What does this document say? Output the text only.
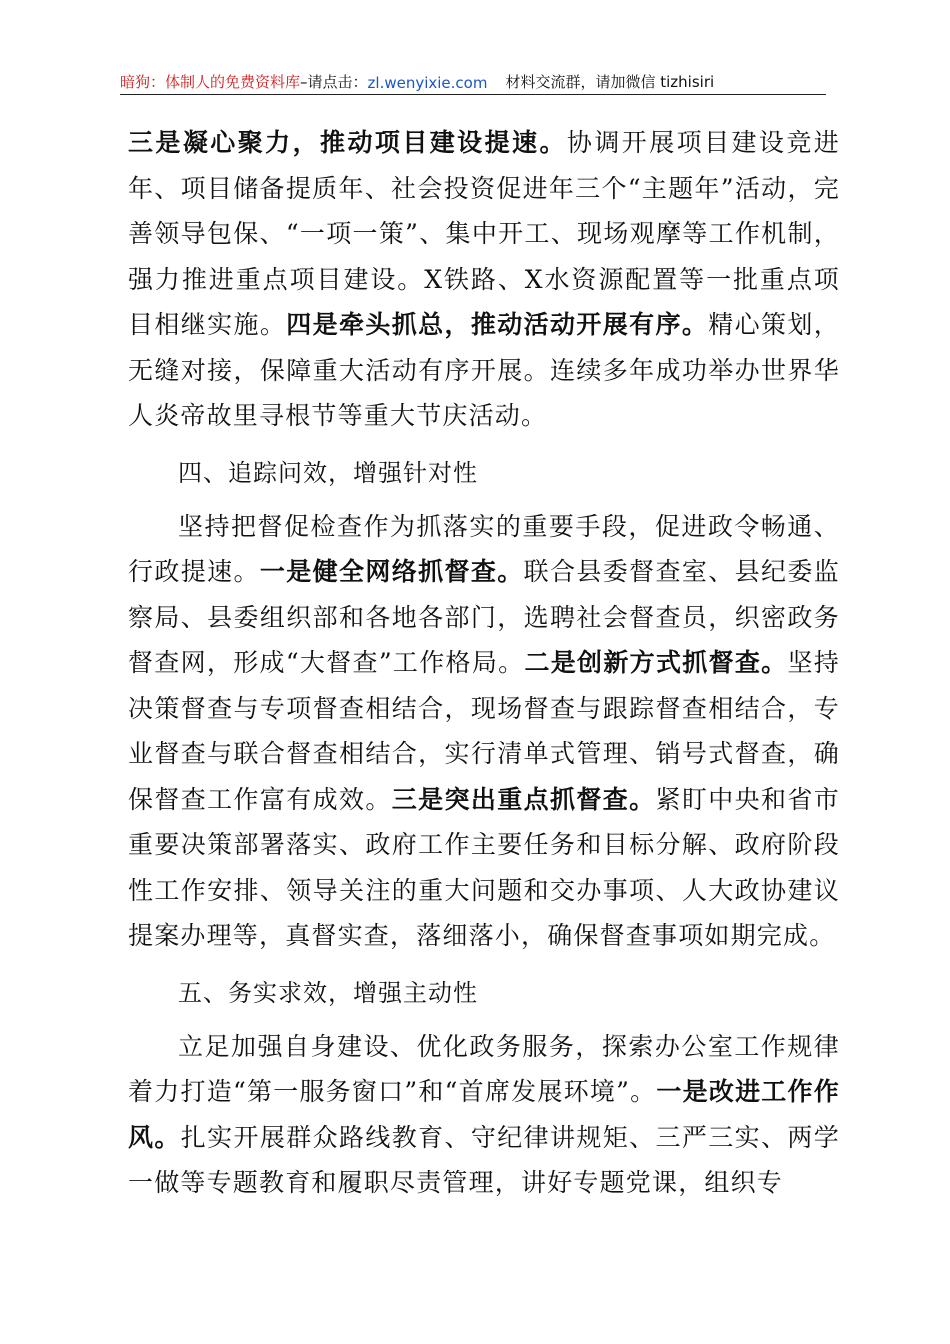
暗狗：体制人的免费资料库 –请点击： zl.wenyixie.com 材料交流群，请加微信 tizhisiri

三是凝心聚力，推动项目建设提速。协调开展项目建设竞进年、项目储备提质年、社会投资促进年三个“主题年”活动，完善领导包保、“一项一策”、集中开工、现场观摩等工作机制，强力推进重点项目建设。X铁路、X水资源配置等一批重点项目相继实施。四是牵头抓总，推动活动开展有序。精心策划，无缝对接，保障重大活动有序开展。连续多年成功举办世界华人炎帝故里寻根节等重大节庆活动。

四、追踪问效，增强针对性

坚持把督促检查作为抓落实的重要手段，促进政令畅通、行政提速。一是健全网络抓督查。联合县委督查室、县纪委监察局、县委组织部和各地各部门，选聘社会督查员，织密政务督查网，形成“大督查”工作格局。二是创新方式抓督查。坚持决策督查与专项督查相结合，现场督查与跟踪督查相结合，专业督查与联合督查相结合，实行清单式管理、销号式督查，确保督查工作富有成效。三是突出重点抓督查。紧盯中央和省市重要决策部署落实、政府工作主要任务和目标分解、政府阶段性工作安排、领导关注的重大问题和交办事项、人大政协建议提案办理等，真督实查，落细落小，确保督查事项如期完成。

五、务实求效，增强主动性

立足加强自身建设、优化政务服务，探索办公室工作规律着力打造“第一服务窗口”和“首席发展环境”。一是改进工作作风。扎实开展群众路线教育、守纪律讲规矩、三严三实、两学一做等专题教育和履职尽责管理，讲好专题党课，组织专
